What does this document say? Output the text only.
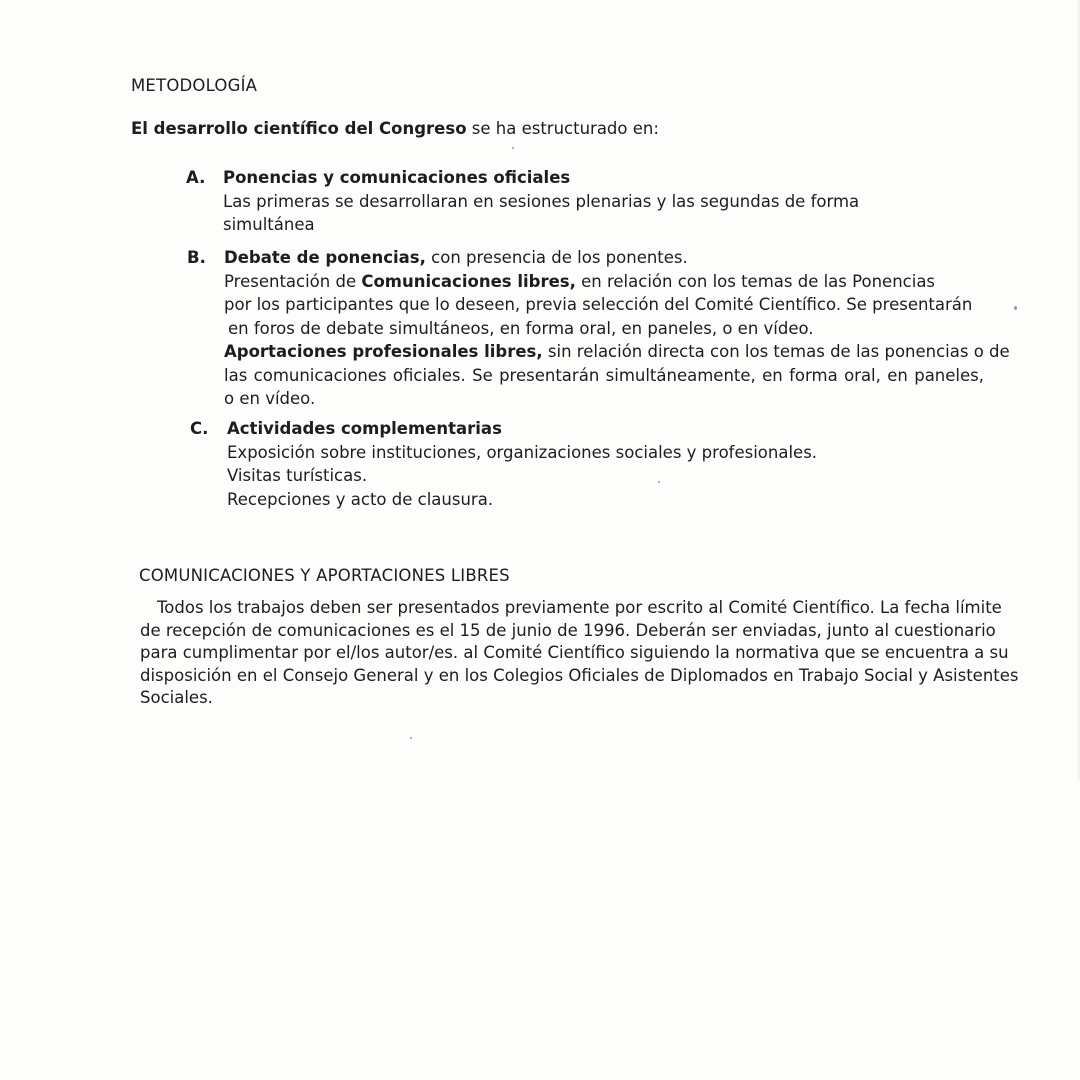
METODOLOGÍA

El desarrollo científico del Congreso se ha estructurado en:

A.	Ponencias y comunicaciones oficiales
Las primeras se desarrollaran en sesiones plenarias y las segundas de forma
simultánea
B.	Debate de ponencias, con presencia de los ponentes.
Presentación de Comunicaciones libres, en relación con los temas de las Ponencias
por los participantes que lo deseen, previa selección del Comité Científico. Se presentarán
en foros de debate simultáneos, en forma oral, en paneles, o en vídeo.
Aportaciones profesionales libres, sin relación directa con los temas de las ponencias o de
las comunicaciones oficiales. Se presentarán simultáneamente, en forma oral, en paneles,
o en vídeo.
C.	Actividades complementarias
Exposición sobre instituciones, organizaciones sociales y profesionales.
Visitas turísticas.
Recepciones y acto de clausura.
COMUNICACIONES Y APORTACIONES LIBRES
Todos los trabajos deben ser presentados previamente por escrito al Comité Científico. La fecha límite
de recepción de comunicaciones es el 15 de junio de 1996. Deberán ser enviadas, junto al cuestionario
para cumplimentar por el/los autor/es. al Comité Científico siguiendo la normativa que se encuentra a su
disposición en el Consejo General y en los Colegios Oficiales de Diplomados en Trabajo Social y Asistentes
Sociales.
